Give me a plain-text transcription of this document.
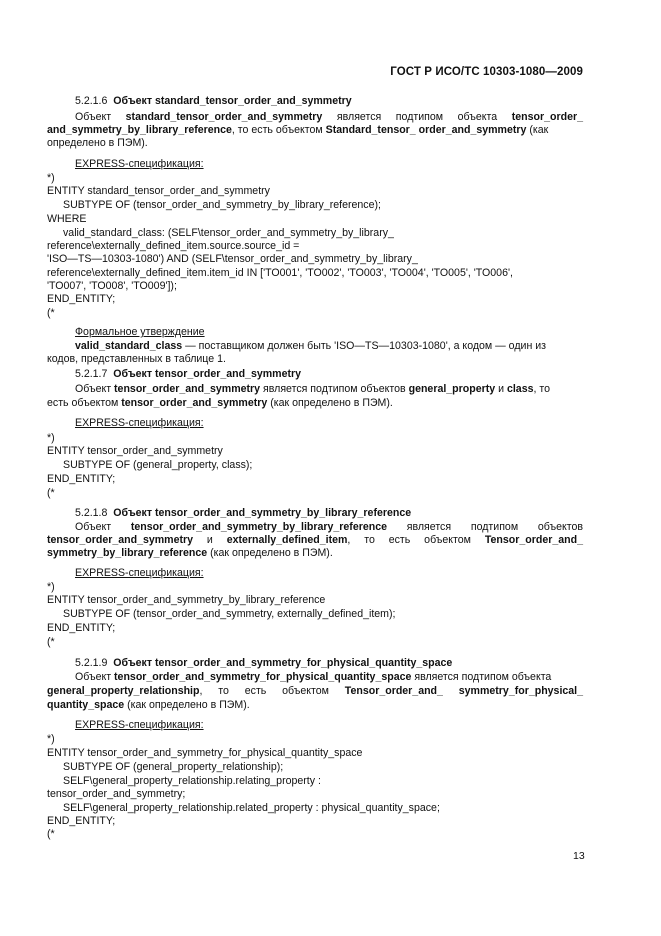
ГОСТ Р ИСО/ТС 10303-1080—2009
5.2.1.6 Объект standard_tensor_order_and_symmetry
Объект standard_tensor_order_and_symmetry является подтипом объекта tensor_order_
and_symmetry_by_library_reference, то есть объектом Standard_tensor_ order_and_symmetry (как
определено в ПЭМ).
EXPRESS-спецификация:
*)
ENTITY standard_tensor_order_and_symmetry
SUBTYPE OF (tensor_order_and_symmetry_by_library_reference);
WHERE
valid_standard_class: (SELF\tensor_order_and_symmetry_by_library_
reference\externally_defined_item.source.source_id =
'ISO—TS—10303-1080') AND (SELF\tensor_order_and_symmetry_by_library_
reference\externally_defined_item.item_id IN ['TO001', 'TO002', 'TO003', 'TO004', 'TO005', 'TO006',
'TO007', 'TO008', 'TO009']);
END_ENTITY;
(*
Формальное утверждение
valid_standard_class — поставщиком должен быть 'ISO—TS—10303-1080', а кодом — один из
кодов, представленных в таблице 1.
5.2.1.7 Объект tensor_order_and_symmetry
Объект tensor_order_and_symmetry является подтипом объектов general_property и class, то
есть объектом tensor_order_and_symmetry (как определено в ПЭМ).
EXPRESS-спецификация:
*)
ENTITY tensor_order_and_symmetry
SUBTYPE OF (general_property, class);
END_ENTITY;
(*
5.2.1.8 Объект tensor_order_and_symmetry_by_library_reference
Объект tensor_order_and_symmetry_by_library_reference является подтипом объектов
tensor_order_and_symmetry и externally_defined_item, то есть объектом Tensor_order_and_
symmetry_by_library_reference (как определено в ПЭМ).
EXPRESS-спецификация:
*)
ENTITY tensor_order_and_symmetry_by_library_reference
SUBTYPE OF (tensor_order_and_symmetry, externally_defined_item);
END_ENTITY;
(*
5.2.1.9 Объект tensor_order_and_symmetry_for_physical_quantity_space
Объект tensor_order_and_symmetry_for_physical_quantity_space является подтипом объекта
general_property_relationship, то есть объектом Tensor_order_and_ symmetry_for_physical_
quantity_space (как определено в ПЭМ).
EXPRESS-спецификация:
*)
ENTITY tensor_order_and_symmetry_for_physical_quantity_space
SUBTYPE OF (general_property_relationship);
SELF\general_property_relationship.relating_property :
tensor_order_and_symmetry;
SELF\general_property_relationship.related_property : physical_quantity_space;
END_ENTITY;
(*
13
